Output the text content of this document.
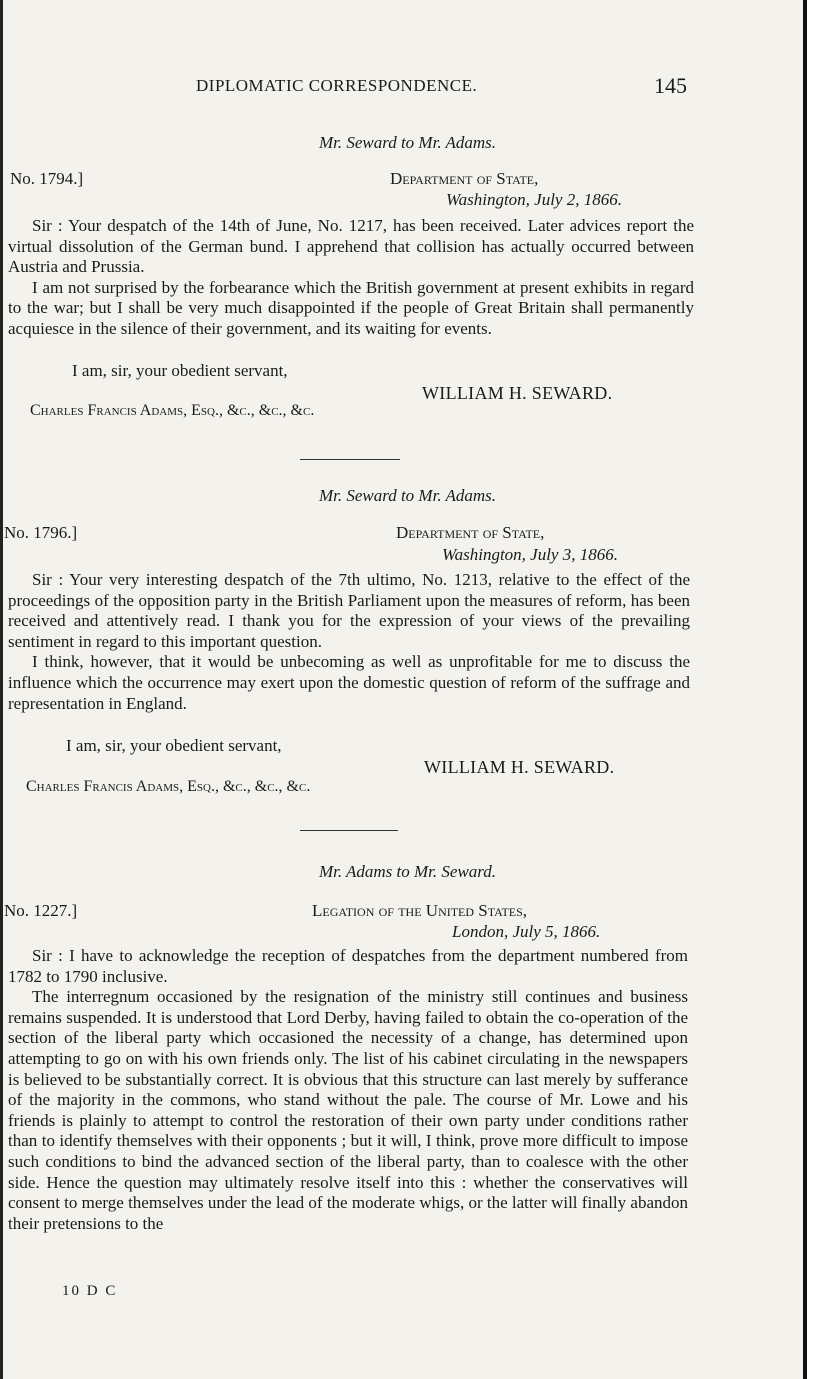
DIPLOMATIC CORRESPONDENCE.	145
Mr. Seward to Mr. Adams.
No. 1794.]	Department of State,
Washington, July 2, 1866.

Sir : Your despatch of the 14th of June, No. 1217, has been received. Later advices report the virtual dissolution of the German bund. I apprehend that collision has actually occurred between Austria and Prussia.

I am not surprised by the forbearance which the British government at present exhibits in regard to the war; but I shall be very much disappointed if the people of Great Britain shall permanently acquiesce in the silence of their government, and its waiting for events.

I am, sir, your obedient servant,
WILLIAM H. SEWARD.
Charles Francis Adams, Esq., &c., &c., &c.
Mr. Seward to Mr. Adams.
No. 1796.]	Department of State,
Washington, July 3, 1866.

Sir : Your very interesting despatch of the 7th ultimo, No. 1213, relative to the effect of the proceedings of the opposition party in the British Parliament upon the measures of reform, has been received and attentively read. I thank you for the expression of your views of the prevailing sentiment in regard to this important question.

I think, however, that it would be unbecoming as well as unprofitable for me to discuss the influence which the occurrence may exert upon the domestic question of reform of the suffrage and representation in England.

I am, sir, your obedient servant,
WILLIAM H. SEWARD.
Charles Francis Adams, Esq., &c., &c., &c.
Mr. Adams to Mr. Seward.
No. 1227.]	Legation of the United States,
London, July 5, 1866.

Sir : I have to acknowledge the reception of despatches from the department numbered from 1782 to 1790 inclusive.

The interregnum occasioned by the resignation of the ministry still continues and business remains suspended. It is understood that Lord Derby, having failed to obtain the co-operation of the section of the liberal party which occasioned the necessity of a change, has determined upon attempting to go on with his own friends only. The list of his cabinet circulating in the newspapers is believed to be substantially correct. It is obvious that this structure can last merely by sufferance of the majority in the commons, who stand without the pale. The course of Mr. Lowe and his friends is plainly to attempt to control the restoration of their own party under conditions rather than to identify themselves with their opponents ; but it will, I think, prove more difficult to impose such conditions to bind the advanced section of the liberal party, than to coalesce with the other side. Hence the question may ultimately resolve itself into this : whether the conservatives will consent to merge themselves under the lead of the moderate whigs, or the latter will finally abandon their pretensions to the

10 D C
